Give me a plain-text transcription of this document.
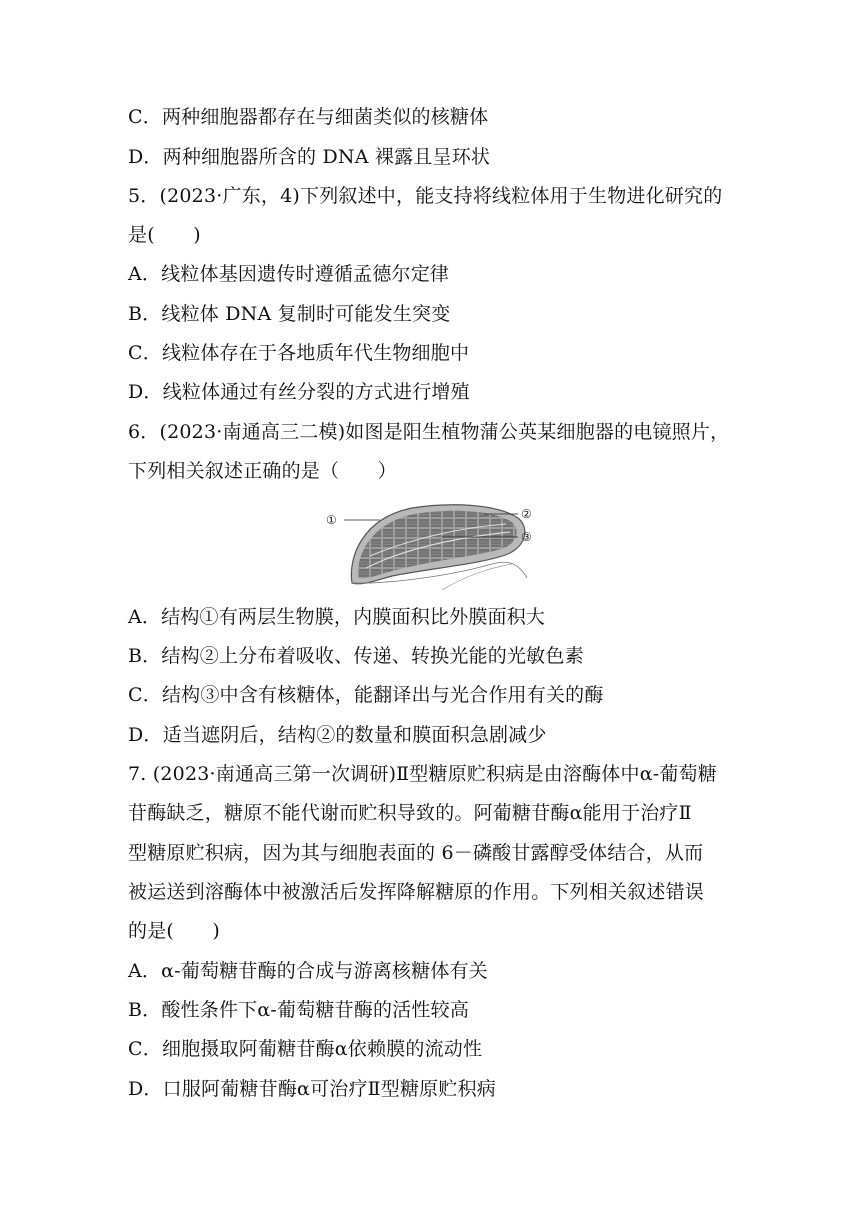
C．两种细胞器都存在与细菌类似的核糖体
D．两种细胞器所含的 DNA 裸露且呈环状
5．(2023·广东，4)下列叙述中，能支持将线粒体用于生物进化研究的
是(　　)
A．线粒体基因遗传时遵循孟德尔定律
B．线粒体 DNA 复制时可能发生突变
C．线粒体存在于各地质年代生物细胞中
D．线粒体通过有丝分裂的方式进行增殖
6．(2023·南通高三二模)如图是阳生植物蒲公英某细胞器的电镜照片，
下列相关叙述正确的是（　　）
①	②
③
A．结构①有两层生物膜，内膜面积比外膜面积大
B．结构②上分布着吸收、传递、转换光能的光敏色素
C．结构③中含有核糖体，能翻译出与光合作用有关的酶
D．适当遮阴后，结构②的数量和膜面积急剧减少
7. (2023·南通高三第一次调研)Ⅱ型糖原贮积病是由溶酶体中α-葡萄糖
苷酶缺乏，糖原不能代谢而贮积导致的。阿葡糖苷酶α能用于治疗Ⅱ
型糖原贮积病，因为其与细胞表面的 6－磷酸甘露醇受体结合，从而
被运送到溶酶体中被激活后发挥降解糖原的作用。下列相关叙述错误
的是(　　)
A．α-葡萄糖苷酶的合成与游离核糖体有关
B．酸性条件下α-葡萄糖苷酶的活性较高
C．细胞摄取阿葡糖苷酶α依赖膜的流动性
D．口服阿葡糖苷酶α可治疗Ⅱ型糖原贮积病
